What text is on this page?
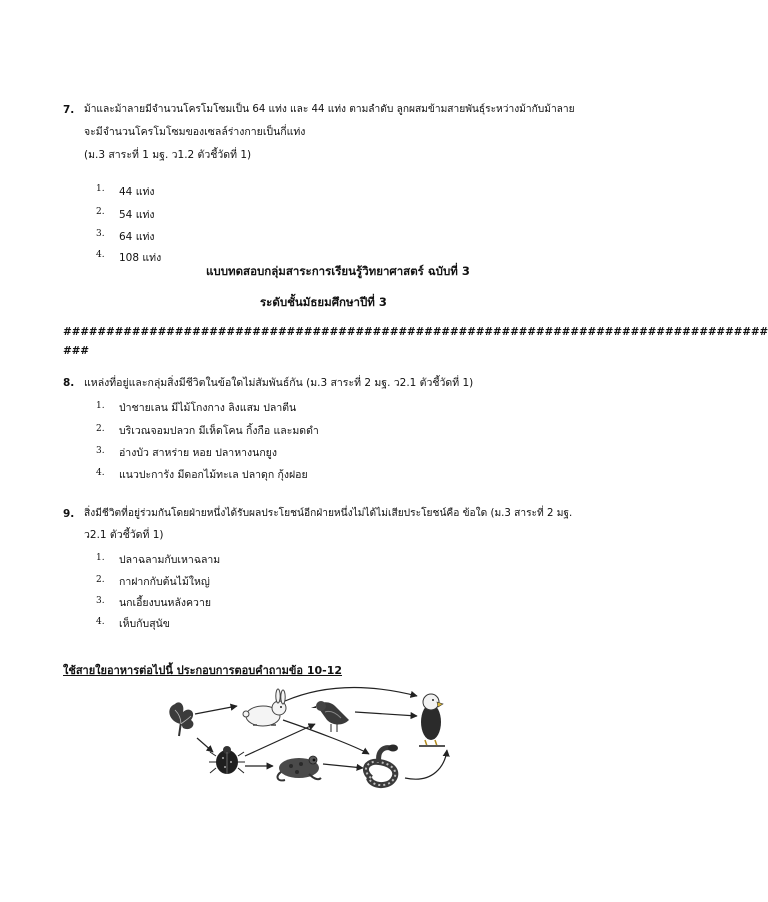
7. ม้าและม้าลายมีจำนวนโครโมโซมเป็น 64 แท่ง และ 44 แท่ง ตามลำดับ ลูกผสมข้ามสายพันธุ์ระหว่างม้ากับม้าลาย
จะมีจำนวนโครโมโซมของเซลล์ร่างกายเป็นกี่แท่ง
(ม.3 สาระที่ 1 มฐ. ว1.2 ตัวชี้วัดที่ 1)
1. 44 แท่ง
2. 54 แท่ง
3. 64 แท่ง
4. 108 แท่ง
แบบทดสอบกลุ่มสาระการเรียนรู้วิทยาศาสตร์ ฉบับที่ 3
ระดับชั้นมัธยมศึกษาปีที่ 3
##################################################################################
###
8. แหล่งที่อยู่และกลุ่มสิ่งมีชีวิตในข้อใดไม่สัมพันธ์กัน (ม.3 สาระที่ 2 มฐ. ว2.1 ตัวชี้วัดที่ 1)
1. ป่าชายเลน มีไม้โกงกาง ลิงแสม ปลาตีน
2. บริเวณจอมปลวก มีเห็ดโคน กิ้งกือ และมดดำ
3. อ่างบัว สาหร่าย หอย ปลาหางนกยูง
4. แนวปะการัง มีดอกไม้ทะเล ปลาดุก กุ้งฝอย
9. สิ่งมีชีวิตที่อยู่ร่วมกันโดยฝ่ายหนึ่งได้รับผลประโยชน์อีกฝ่ายหนึ่งไม่ได้ไม่เสียประโยชน์คือ ข้อใด (ม.3 สาระที่ 2 มฐ.
ว2.1 ตัวชี้วัดที่ 1)
1. ปลาฉลามกับเหาฉลาม
2. กาฝากกับต้นไม้ใหญ่
3. นกเอี้ยงบนหลังควาย
4. เห็บกับสุนัข
ใช้สายใยอาหารต่อไปนี้ ประกอบการตอบคำถามข้อ 10-12
